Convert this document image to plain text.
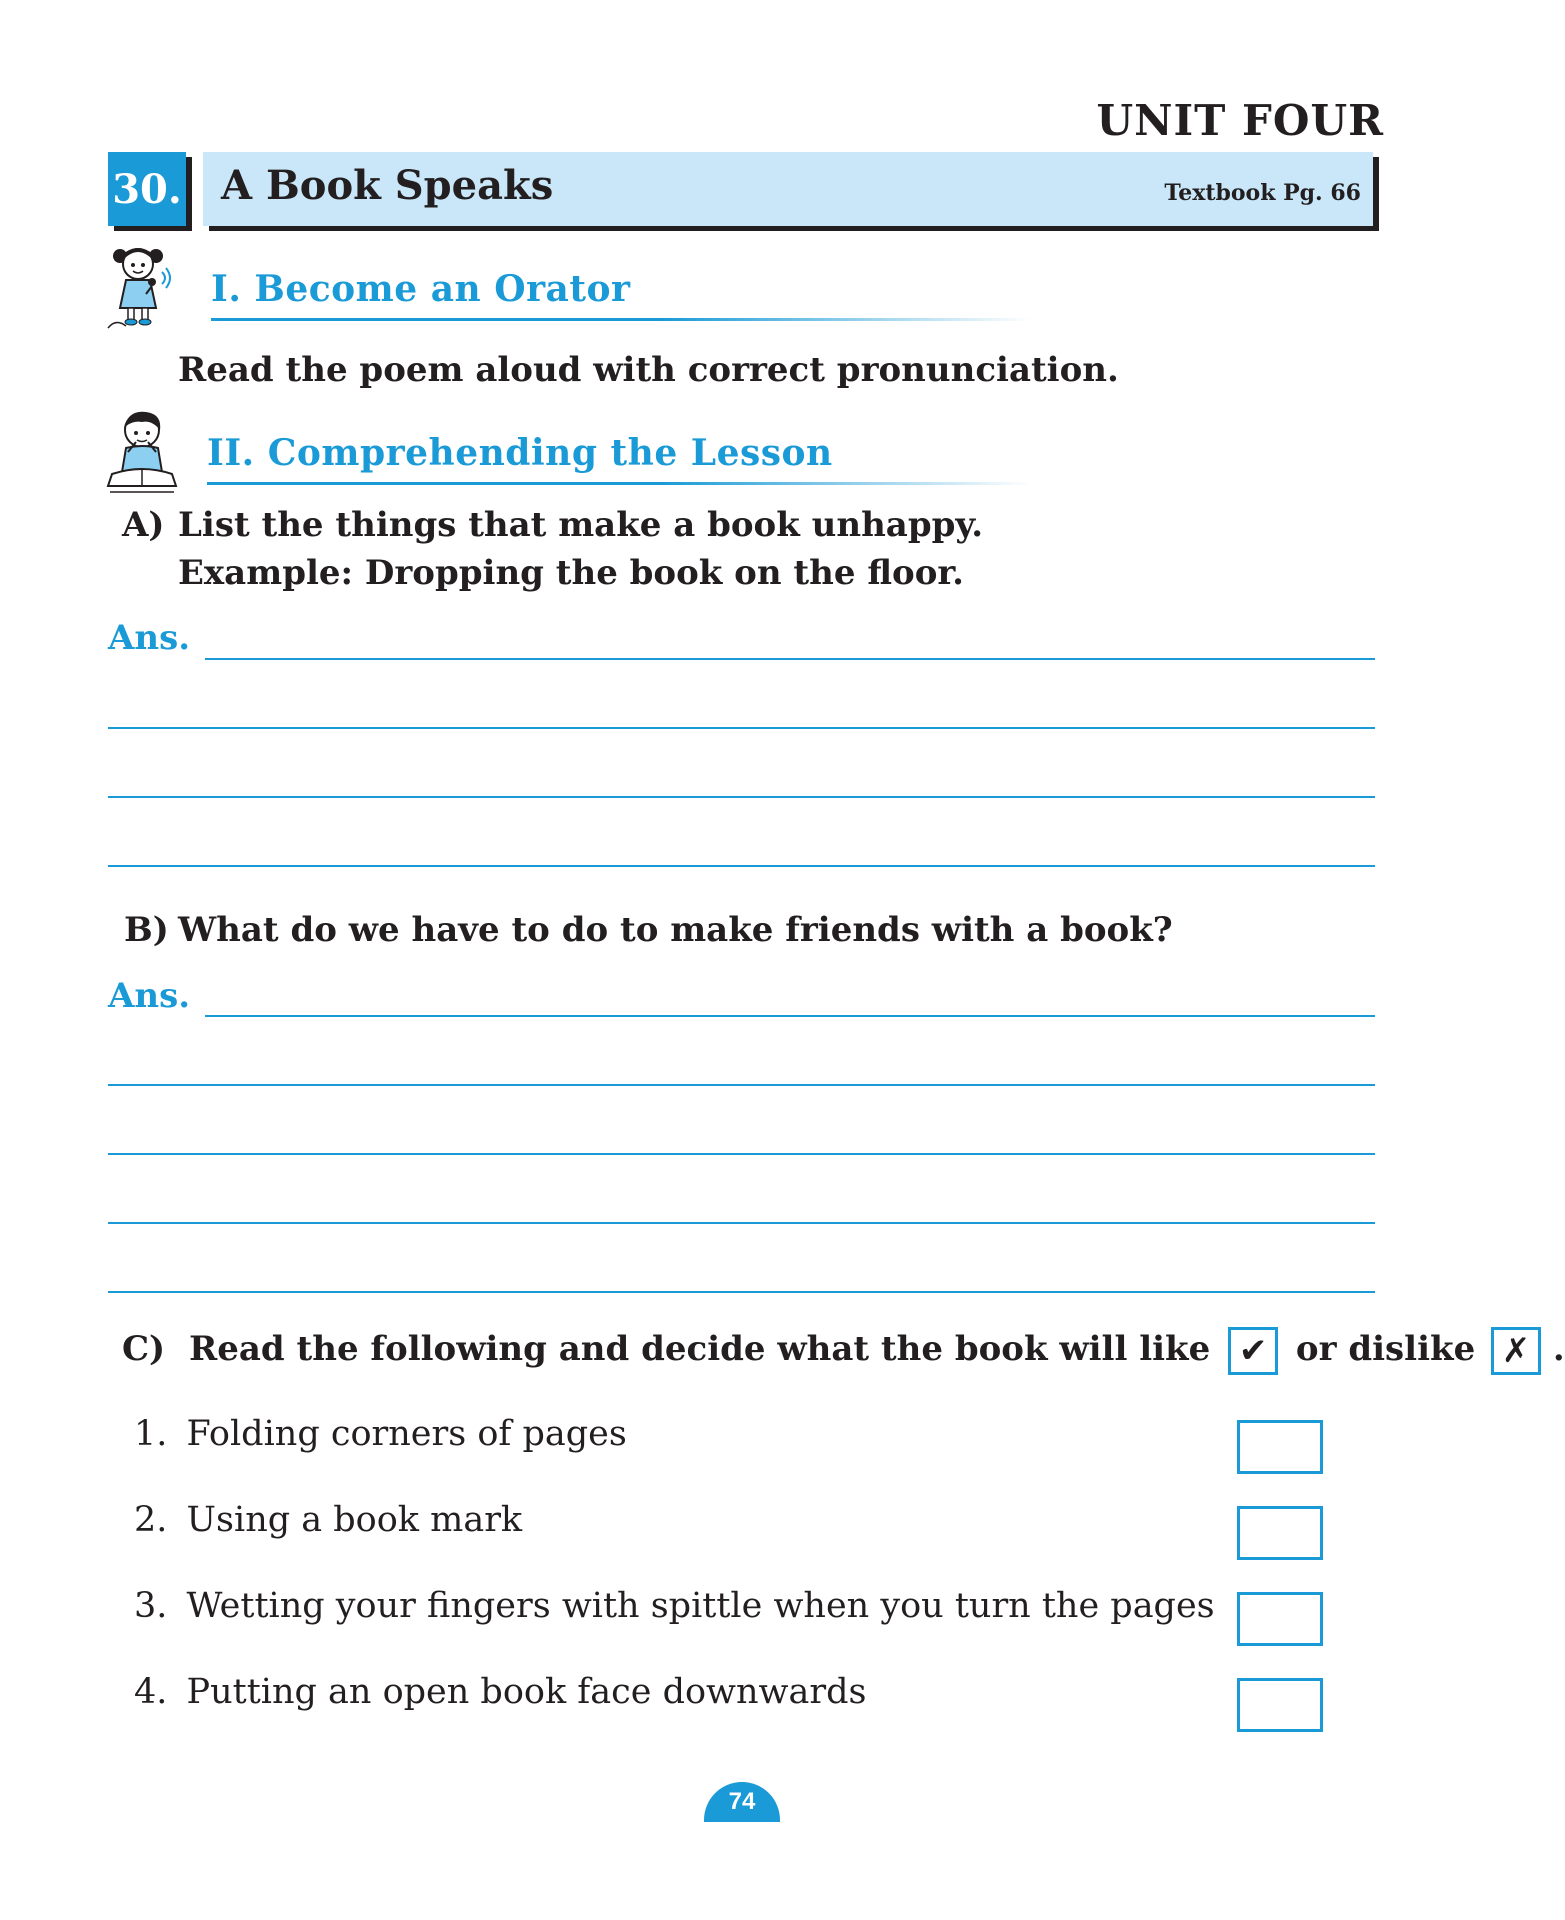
UNIT FOUR
30. A Book Speaks	Textbook Pg. 66
I. Become an Orator
Read the poem aloud with correct pronunciation.
II. Comprehending the Lesson
A) List the things that make a book unhappy.
Example: Dropping the book on the floor.
Ans.
B) What do we have to do to make friends with a book?
Ans.
C) Read the following and decide what the book will like ✔ or dislike ✗ .
1. Folding corners of pages
2. Using a book mark
3. Wetting your fingers with spittle when you turn the pages
4. Putting an open book face downwards
74
